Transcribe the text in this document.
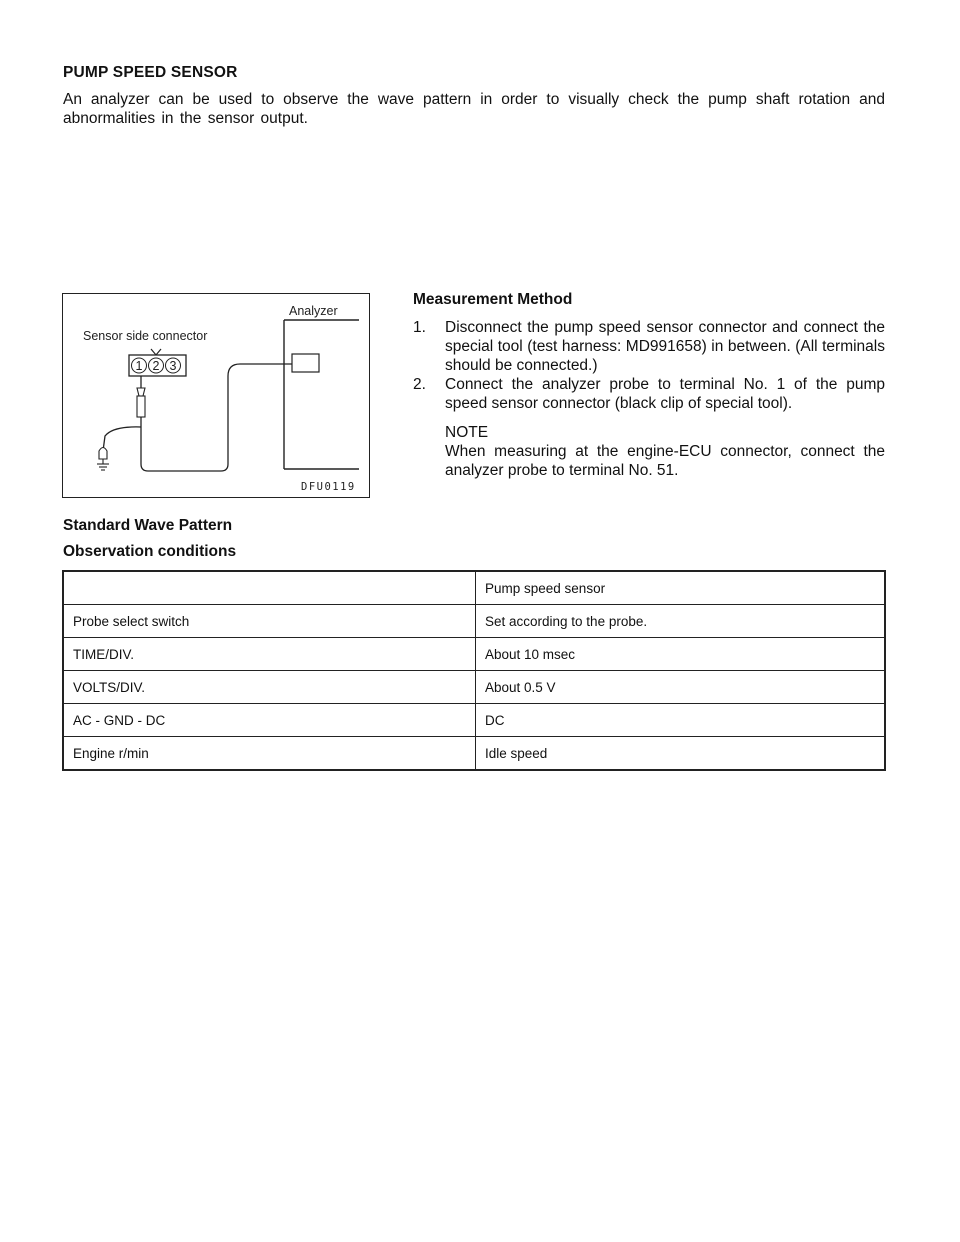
PUMP SPEED SENSOR
An analyzer can be used to observe the wave pattern in order to visually check the pump shaft rotation and abnormalities in the sensor output.
Analyzer
Sensor side connector
1 2 3
DFU0119
Measurement Method
1. Disconnect the pump speed sensor connector and connect the special tool (test harness: MD991658) in between. (All terminals should be connected.)
2. Connect the analyzer probe to terminal No. 1 of the pump speed sensor connector (black clip of special tool).
NOTE
When measuring at the engine-ECU connector, connect the analyzer probe to terminal No. 51.
Standard Wave Pattern
Observation conditions
	Pump speed sensor
Probe select switch	Set according to the probe.
TIME/DIV.	About 10 msec
VOLTS/DIV.	About 0.5 V
AC - GND - DC	DC
Engine r/min	Idle speed
